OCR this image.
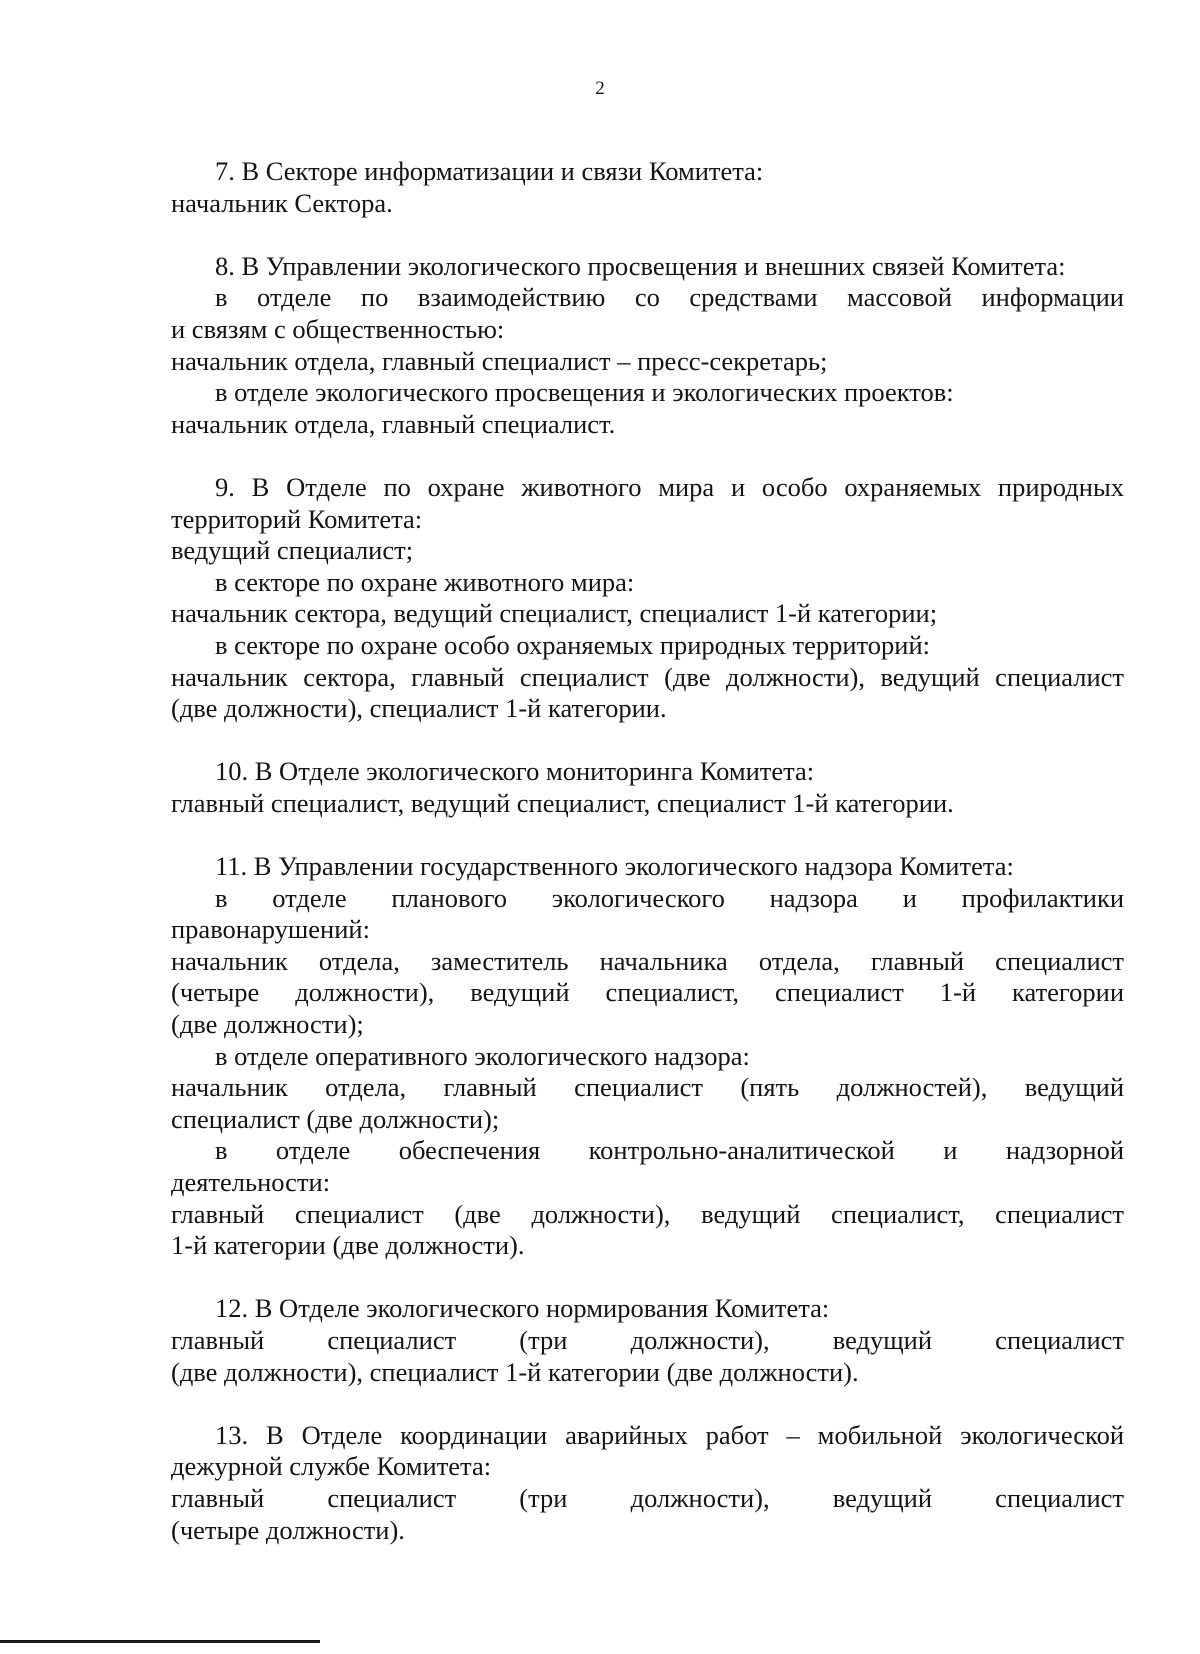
2
7. В Секторе информатизации и связи Комитета:
начальник Сектора.
8. В Управлении экологического просвещения и внешних связей Комитета:
в отделе по взаимодействию со средствами массовой информации
и связям с общественностью:
начальник отдела, главный специалист – пресс-секретарь;
в отделе экологического просвещения и экологических проектов:
начальник отдела, главный специалист.
9. В Отделе по охране животного мира и особо охраняемых природных
территорий Комитета:
ведущий специалист;
в секторе по охране животного мира:
начальник сектора, ведущий специалист, специалист 1-й категории;
в секторе по охране особо охраняемых природных территорий:
начальник сектора, главный специалист (две должности), ведущий специалист
(две должности), специалист 1-й категории.
10. В Отделе экологического мониторинга Комитета:
главный специалист, ведущий специалист, специалист 1-й категории.
11. В Управлении государственного экологического надзора Комитета:
в отделе планового экологического надзора и профилактики
правонарушений:
начальник отдела, заместитель начальника отдела, главный специалист
(четыре должности), ведущий специалист, специалист 1-й категории
(две должности);
в отделе оперативного экологического надзора:
начальник отдела, главный специалист (пять должностей), ведущий
специалист (две должности);
в отделе обеспечения контрольно-аналитической и надзорной
деятельности:
главный специалист (две должности), ведущий специалист, специалист
1-й категории (две должности).
12. В Отделе экологического нормирования Комитета:
главный специалист (три должности), ведущий специалист
(две должности), специалист 1-й категории (две должности).
13. В Отделе координации аварийных работ – мобильной экологической
дежурной службе Комитета:
главный специалист (три должности), ведущий специалист
(четыре должности).
